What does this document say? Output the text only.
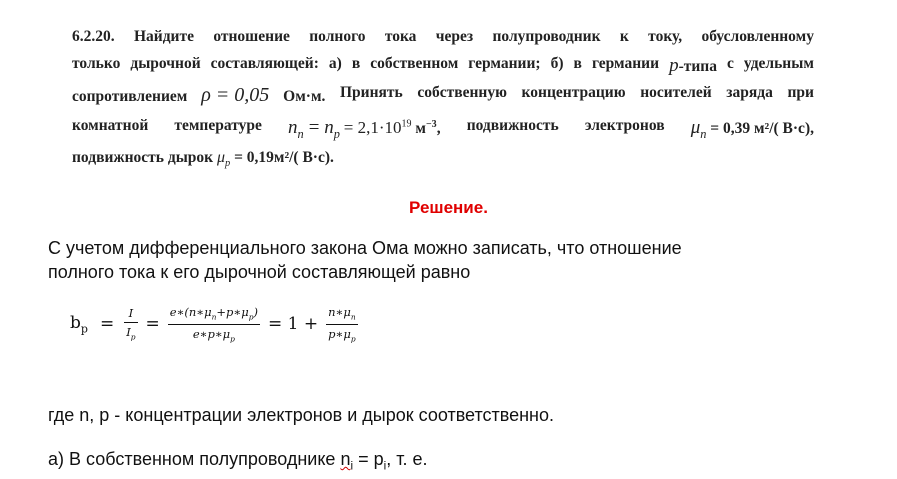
6.2.20. Найдите отношение полного тока через полупроводник к току, обусловленному
только дырочной составляющей: а) в собственном германии; б) в германии p-типа с удельным
сопротивлением ρ = 0,05 Ом·м. Принять собственную концентрацию носителей заряда при
комнатной температуре $n_n = n_p = 2,1\cdot 10^{19}$ $м^{-3}$, подвижность электронов $\mu_n = 0,39$ м²/( В·с),
подвижность дырок $\mu_p = 0,19м^2/$( В·с).
Решение.
С учетом дифференциального закона Ома можно записать, что отношение
полного тока к его дырочной составляющей равно
$b_p = \frac{I}{I_p} = \frac{e∗(n∗\mu_n+p∗\mu_p)}{e∗p∗\mu_p} = 1 + \frac{n∗\mu_n}{p∗\mu_p}$
где n, p - концентрации электронов и дырок соответственно.
а) В собственном полупроводнике $n_i = p_i$, т. е.
